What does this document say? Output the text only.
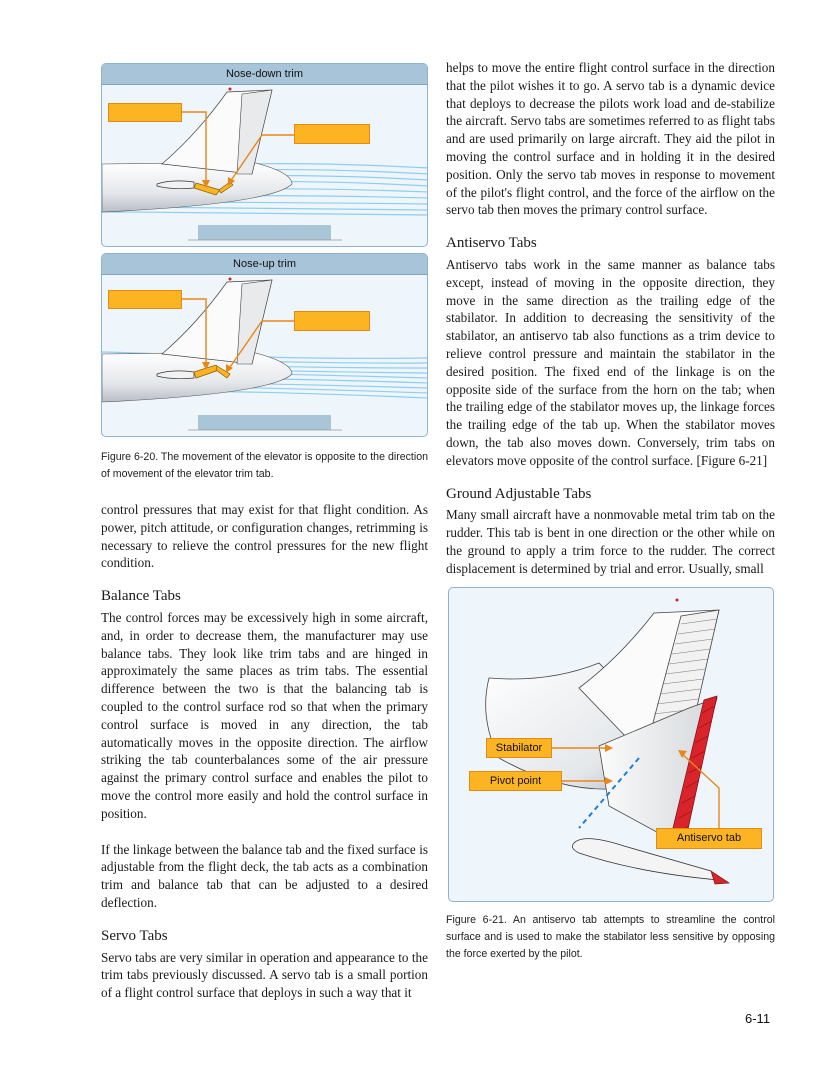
Nose-down trim
Nose-up trim
Figure 6-20. The movement of the elevator is opposite to the direction of movement of the elevator trim tab.

control pressures that may exist for that flight condition. As power, pitch attitude, or configuration changes, retrimming is necessary to relieve the control pressures for the new flight condition.

Balance Tabs

The control forces may be excessively high in some aircraft, and, in order to decrease them, the manufacturer may use balance tabs. They look like trim tabs and are hinged in approximately the same places as trim tabs. The essential difference between the two is that the balancing tab is coupled to the control surface rod so that when the primary control surface is moved in any direction, the tab automatically moves in the opposite direction. The airflow striking the tab counterbalances some of the air pressure against the primary control surface and enables the pilot to move the control more easily and hold the control surface in position.

If the linkage between the balance tab and the fixed surface is adjustable from the flight deck, the tab acts as a combination trim and balance tab that can be adjusted to a desired deflection.

Servo Tabs

Servo tabs are very similar in operation and appearance to the trim tabs previously discussed. A servo tab is a small portion of a flight control surface that deploys in such a way that it

helps to move the entire flight control surface in the direction that the pilot wishes it to go. A servo tab is a dynamic device that deploys to decrease the pilots work load and de-stabilize the aircraft. Servo tabs are sometimes referred to as flight tabs and are used primarily on large aircraft. They aid the pilot in moving the control surface and in holding it in the desired position. Only the servo tab moves in response to movement of the pilot's flight control, and the force of the airflow on the servo tab then moves the primary control surface.

Antiservo Tabs

Antiservo tabs work in the same manner as balance tabs except, instead of moving in the opposite direction, they move in the same direction as the trailing edge of the stabilator. In addition to decreasing the sensitivity of the stabilator, an antiservo tab also functions as a trim device to relieve control pressure and maintain the stabilator in the desired position. The fixed end of the linkage is on the opposite side of the surface from the horn on the tab; when the trailing edge of the stabilator moves up, the linkage forces the trailing edge of the tab up. When the stabilator moves down, the tab also moves down. Conversely, trim tabs on elevators move opposite of the control surface. [Figure 6-21]

Ground Adjustable Tabs

Many small aircraft have a nonmovable metal trim tab on the rudder. This tab is bent in one direction or the other while on the ground to apply a trim force to the rudder. The correct displacement is determined by trial and error. Usually, small

Stabilator
Pivot point
Antiservo tab
Figure 6-21. An antiservo tab attempts to streamline the control surface and is used to make the stabilator less sensitive by opposing the force exerted by the pilot.
6-11
